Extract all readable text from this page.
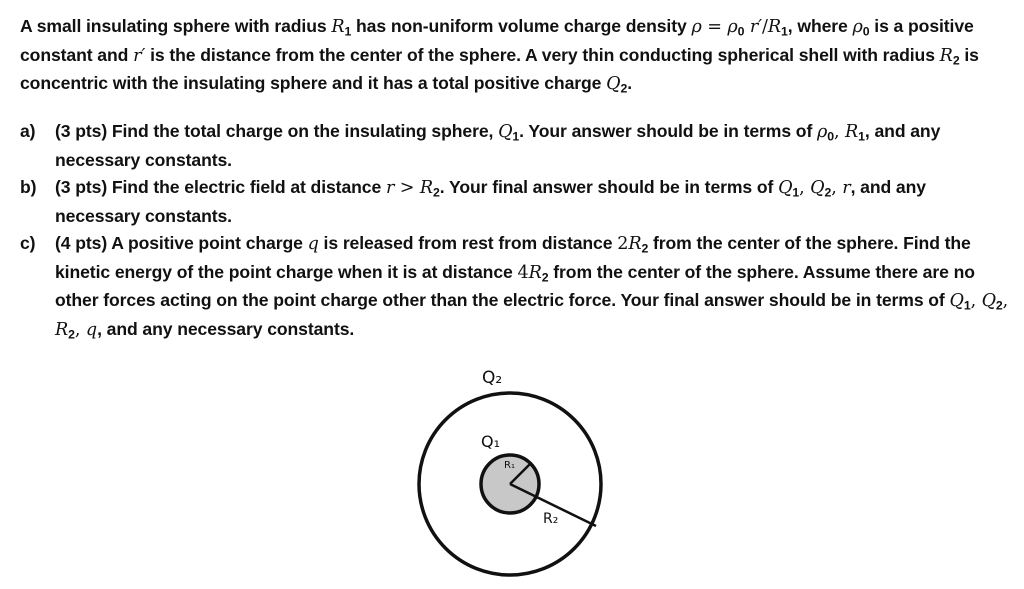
A small insulating sphere with radius $R_1$ has non-uniform volume charge density $\rho = \rho_0$ $r'/R_1$, where $\rho_0$ is a positive constant and r′ is the distance from the center of the sphere. A very thin conducting spherical shell with radius $R_2$ is concentric with the insulating sphere and it has a total positive charge $Q_2$.
a) (3 pts) Find the total charge on the insulating sphere, $Q_1$. Your answer should be in terms of $\rho_0$, $R_1$, and any necessary constants.
b) (3 pts) Find the electric field at distance $r > R_2$. Your final answer should be in terms of $Q_1$, $Q_2$, r, and any necessary constants.
c) (4 pts) A positive point charge q is released from rest from distance $2R_2$ from the center of the sphere. Find the kinetic energy of the point charge when it is at distance $4R_2$ from the center of the sphere. Assume there are no other forces acting on the point charge other than the electric force. Your final answer should be in terms of $Q_1$, $Q_2$, $R_2$, q, and any necessary constants.
Q₂
Q₁
R₁
R₂
